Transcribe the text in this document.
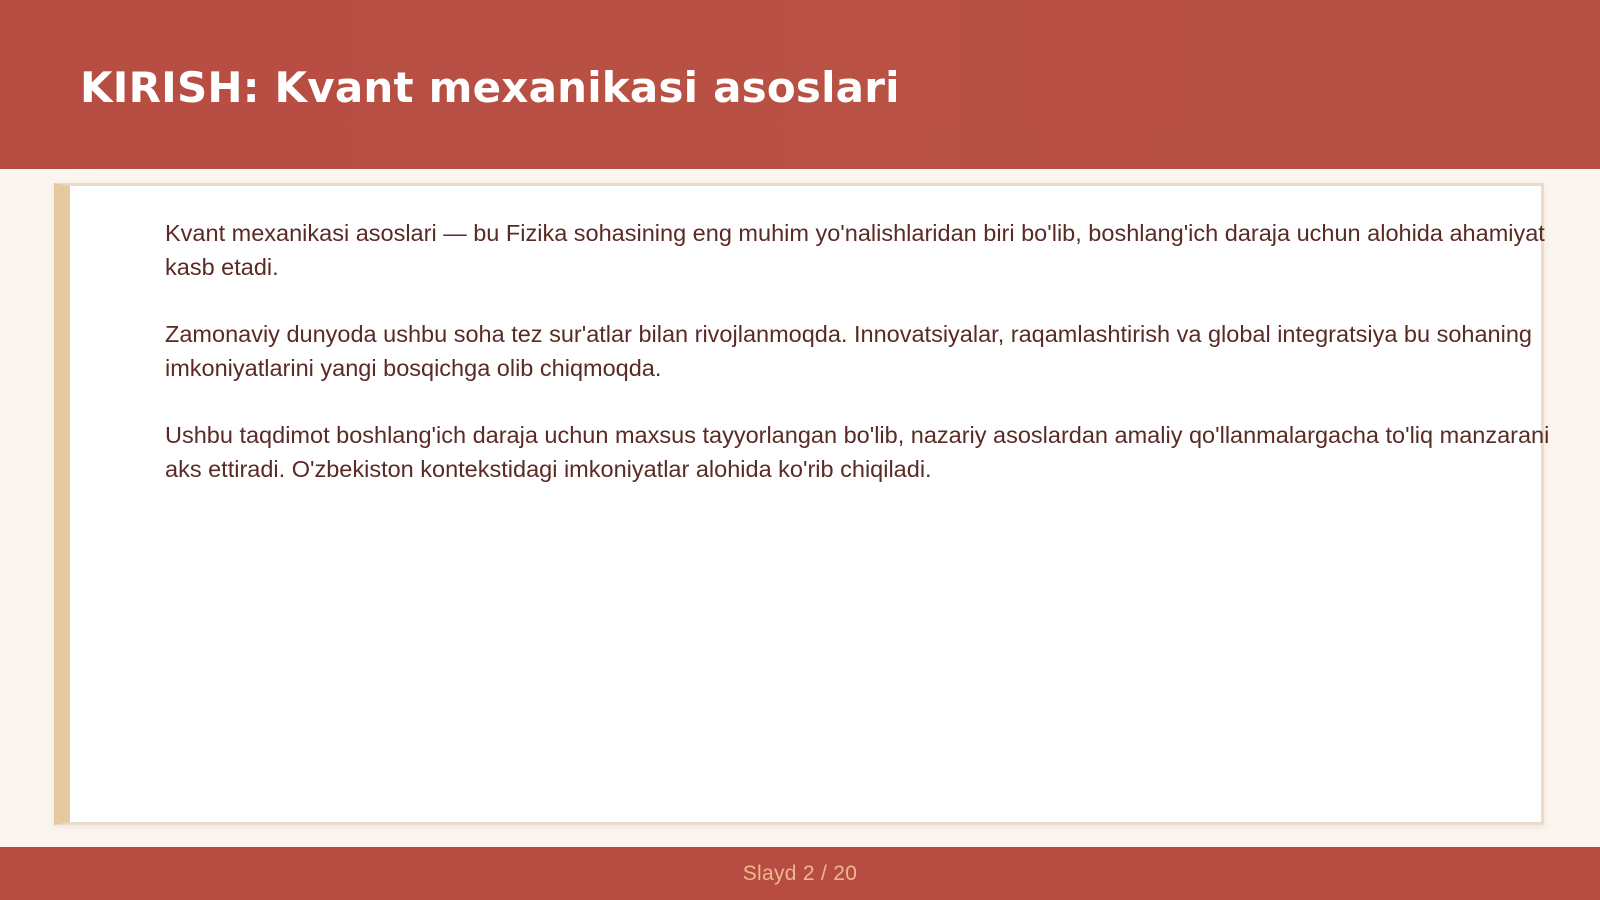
KIRISH: Kvant mexanikasi asoslari

Kvant mexanikasi asoslari — bu Fizika sohasining eng muhim yo'nalishlaridan biri bo'lib, boshlang'ich daraja uchun alohida ahamiyat kasb etadi.

Zamonaviy dunyoda ushbu soha tez sur'atlar bilan rivojlanmoqda. Innovatsiyalar, raqamlashtirish va global integratsiya bu sohaning imkoniyatlarini yangi bosqichga olib chiqmoqda.

Ushbu taqdimot boshlang'ich daraja uchun maxsus tayyorlangan bo'lib, nazariy asoslardan amaliy qo'llanmalargacha to'liq manzarani aks ettiradi. O'zbekiston kontekstidagi imkoniyatlar alohida ko'rib chiqiladi.

Slayd 2 / 20
